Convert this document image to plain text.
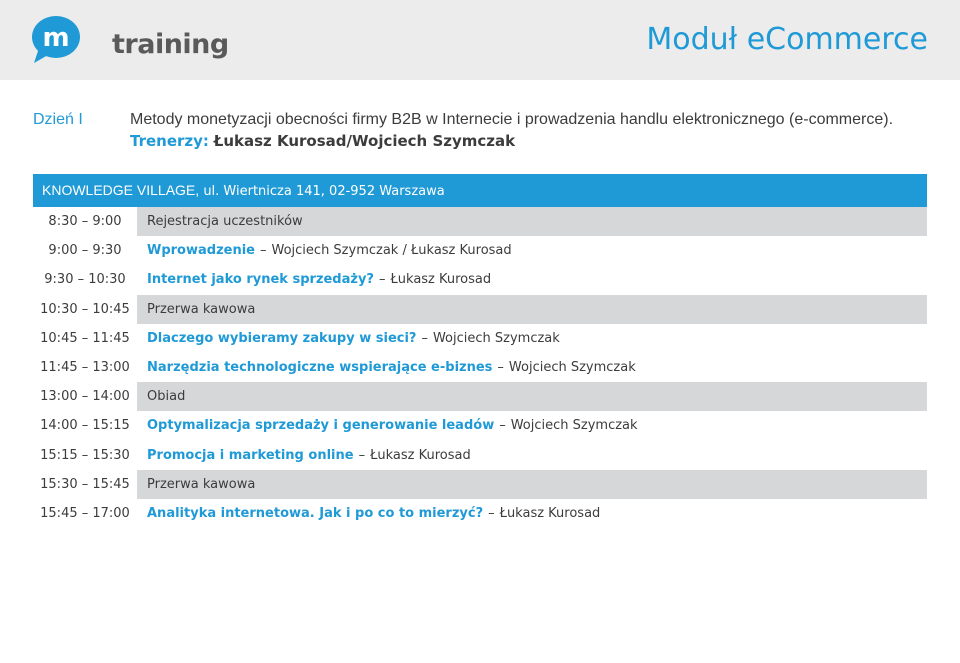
m training	Moduł eCommerce
Dzień I	Metody monetyzacji obecności firmy B2B w Internecie i prowadzenia handlu elektronicznego (e-commerce).
Trenerzy: Łukasz Kurosad/Wojciech Szymczak
KNOWLEDGE VILLAGE, ul. Wiertnicza 141, 02-952 Warszawa
8:30 – 9:00	Rejestracja uczestników
9:00 – 9:30	Wprowadzenie – Wojciech Szymczak / Łukasz Kurosad
9:30 – 10:30	Internet jako rynek sprzedaży? – Łukasz Kurosad
10:30 – 10:45	Przerwa kawowa
10:45 – 11:45	Dlaczego wybieramy zakupy w sieci? – Wojciech Szymczak
11:45 – 13:00	Narzędzia technologiczne wspierające e-biznes – Wojciech Szymczak
13:00 – 14:00	Obiad
14:00 – 15:15	Optymalizacja sprzedaży i generowanie leadów – Wojciech Szymczak
15:15 – 15:30	Promocja i marketing online – Łukasz Kurosad
15:30 – 15:45	Przerwa kawowa
15:45 – 17:00	Analityka internetowa. Jak i po co to mierzyć? – Łukasz Kurosad
